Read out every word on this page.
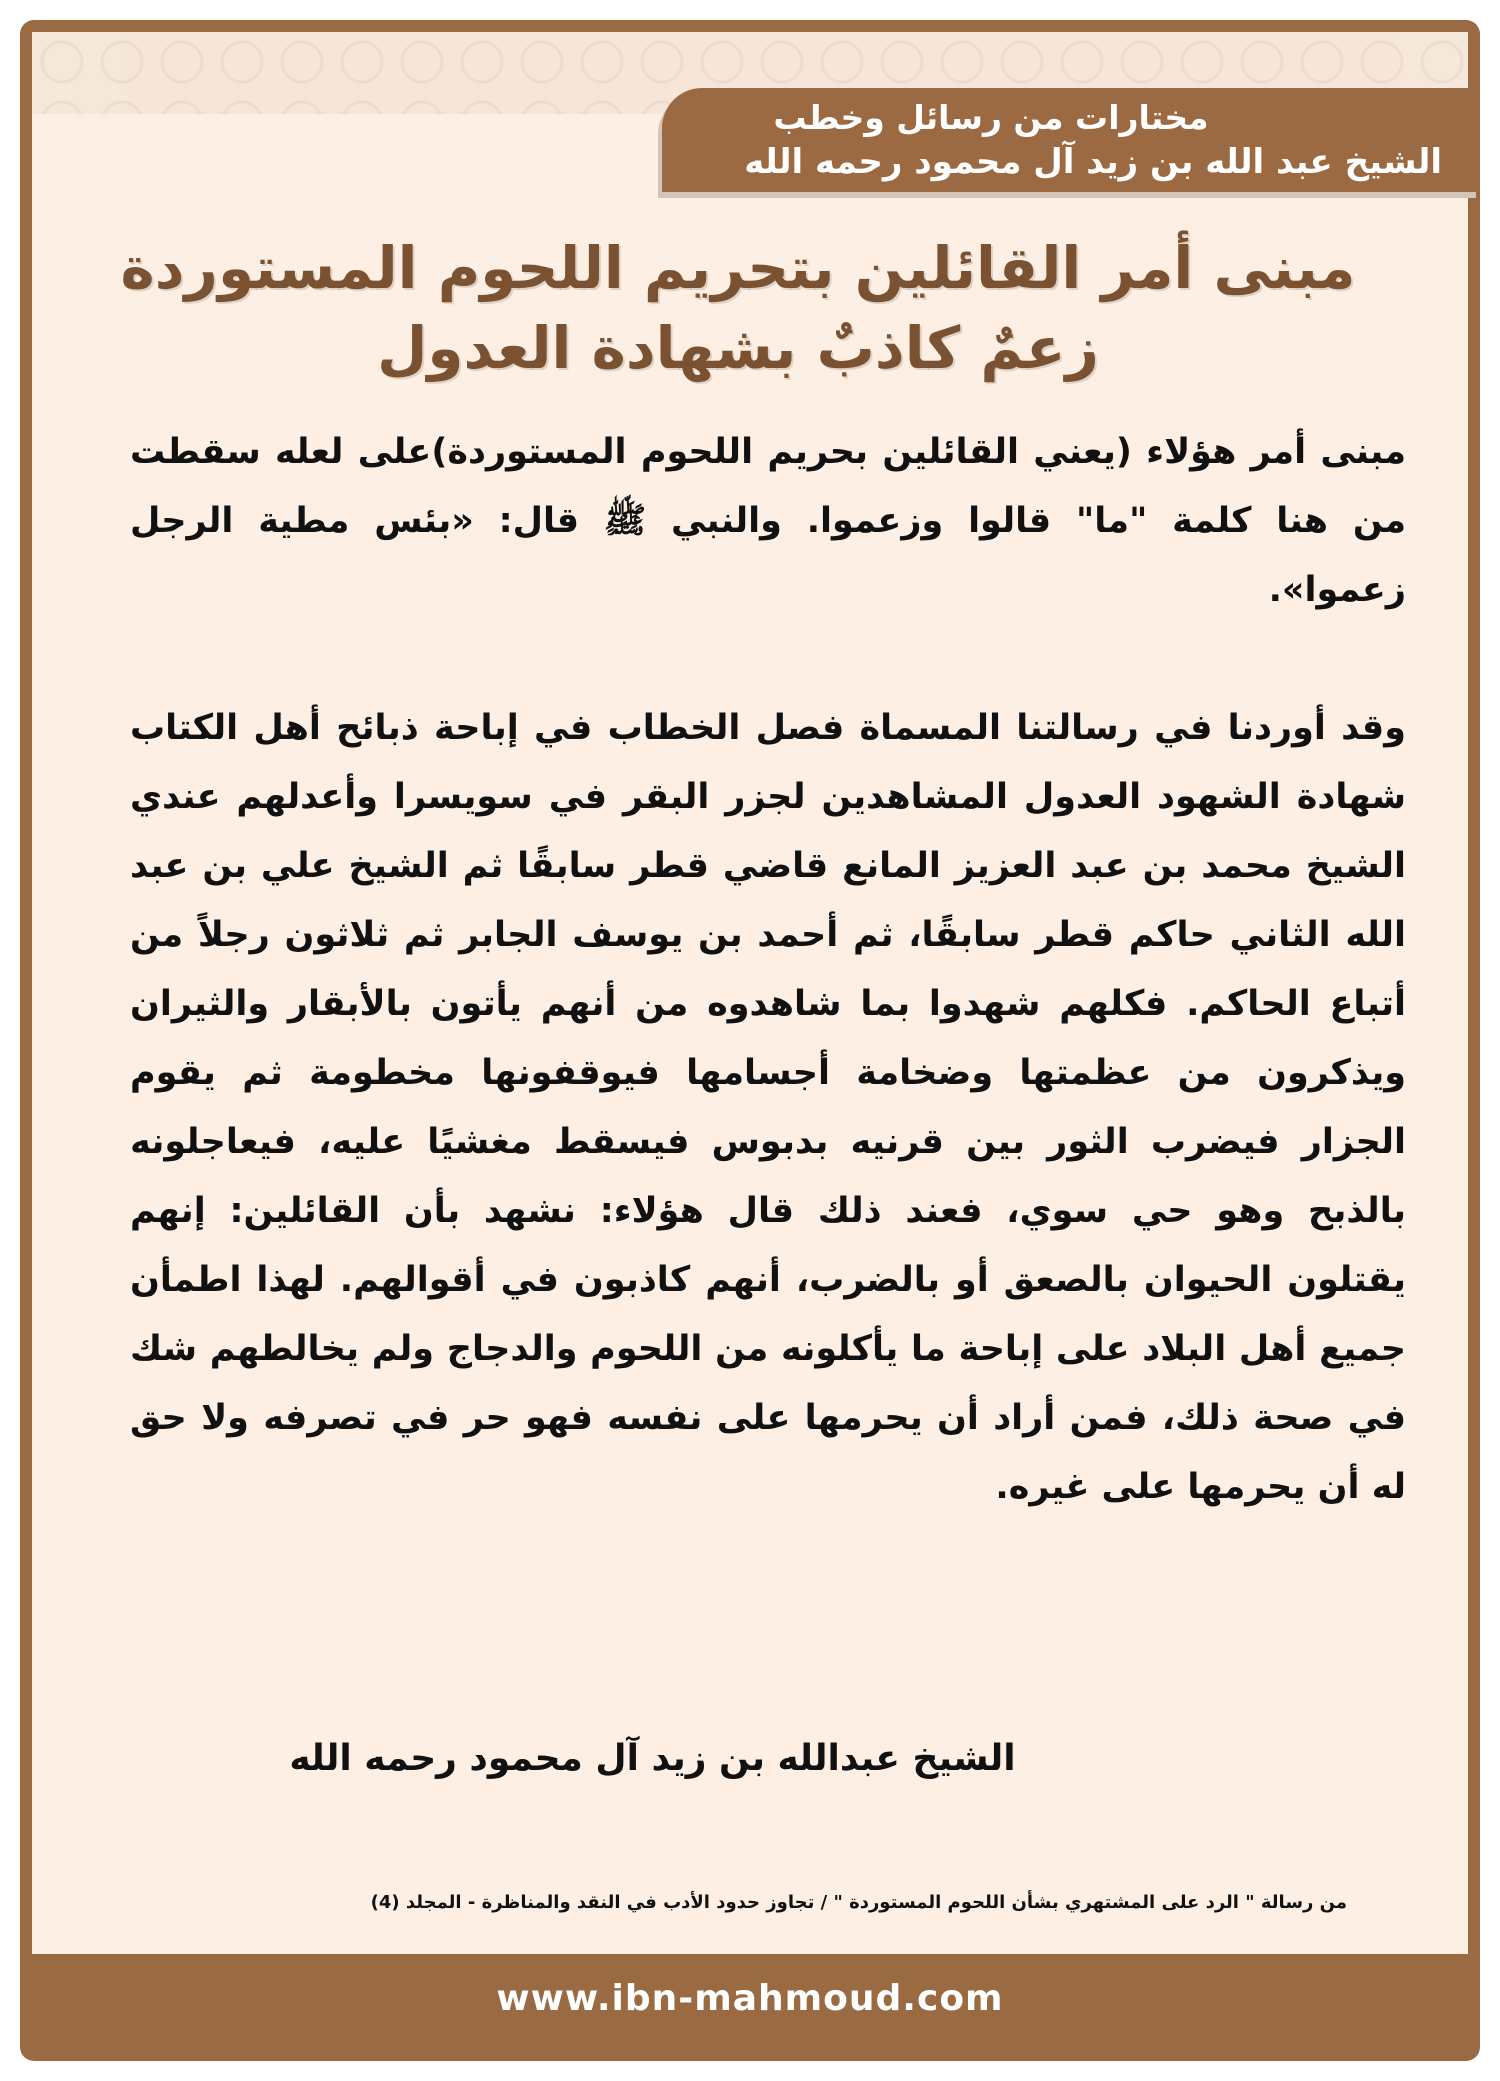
مختارات من رسائل وخطب
الشيخ عبد الله بن زيد آل محمود رحمه الله
مبنى أمر القائلين بتحريم اللحوم المستوردة
زعمٌ كاذبٌ بشهادة العدول

مبنى أمر هؤلاء (يعني القائلين بحريم اللحوم المستوردة)على لعله سقطت من هنا كلمة "ما" قالوا وزعموا. والنبي ﷺ قال: «بئس مطية الرجل زعموا».

وقد أوردنا في رسالتنا المسماة فصل الخطاب في إباحة ذبائح أهل الكتاب شهادة الشهود العدول المشاهدين لجزر البقر في سويسرا وأعدلهم عندي الشيخ محمد بن عبد العزيز المانع قاضي قطر سابقًا ثم الشيخ علي بن عبد الله الثاني حاكم قطر سابقًا، ثم أحمد بن يوسف الجابر ثم ثلاثون رجلاً من أتباع الحاكم. فكلهم شهدوا بما شاهدوه من أنهم يأتون بالأبقار والثيران ويذكرون من عظمتها وضخامة أجسامها فيوقفونها مخطومة ثم يقوم الجزار فيضرب الثور بين قرنيه بدبوس فيسقط مغشيًا عليه، فيعاجلونه بالذبح وهو حي سوي، فعند ذلك قال هؤلاء: نشهد بأن القائلين: إنهم يقتلون الحيوان بالصعق أو بالضرب، أنهم كاذبون في أقوالهم. لهذا اطمأن جميع أهل البلاد على إباحة ما يأكلونه من اللحوم والدجاج ولم يخالطهم شك في صحة ذلك، فمن أراد أن يحرمها على نفسه فهو حر في تصرفه ولا حق له أن يحرمها على غيره.

الشيخ عبدالله بن زيد آل محمود رحمه الله
من رسالة " الرد على المشتهري بشأن اللحوم المستوردة " / تجاوز حدود الأدب في النقد والمناظرة - المجلد (4)
www.ibn-mahmoud.com
